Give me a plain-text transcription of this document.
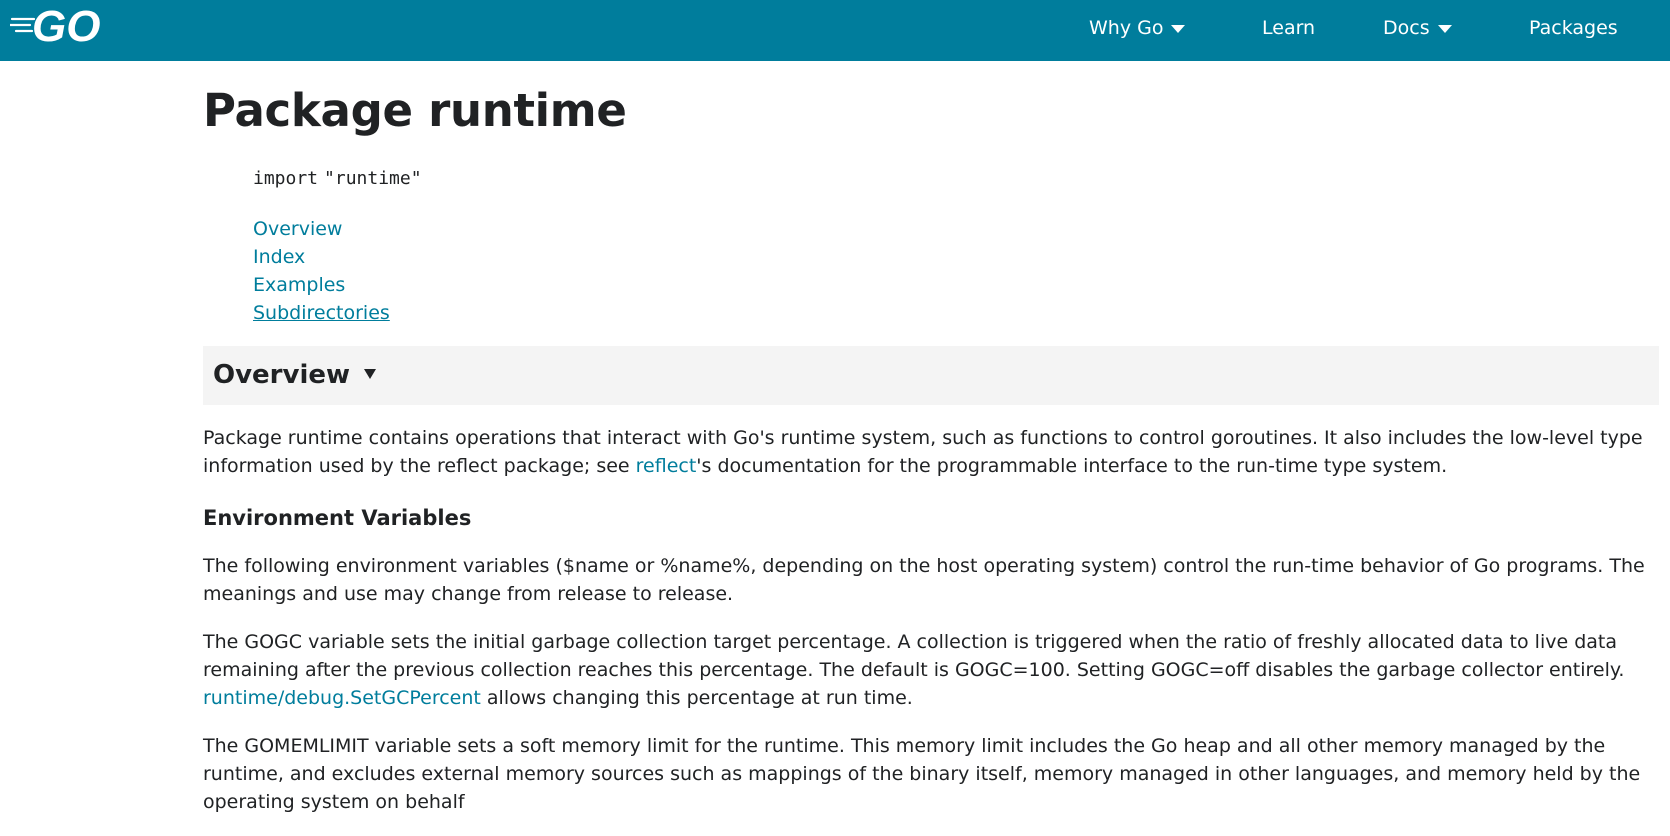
GO	Why Go	Learn	Docs	Packages
Package runtime
import "runtime"
Overview
Index
Examples
Subdirectories
Overview

Package runtime contains operations that interact with Go's runtime system, such as functions to control goroutines. It also includes the low-level type information used by the reflect package; see reflect's documentation for the programmable interface to the run-time type system.

Environment Variables

The following environment variables ($name or %name%, depending on the host operating system) control the run-time behavior of Go programs. The meanings and use may change from release to release.

The GOGC variable sets the initial garbage collection target percentage. A collection is triggered when the ratio of freshly allocated data to live data remaining after the previous collection reaches this percentage. The default is GOGC=100. Setting GOGC=off disables the garbage collector entirely. runtime/debug.SetGCPercent allows changing this percentage at run time.

The GOMEMLIMIT variable sets a soft memory limit for the runtime. This memory limit includes the Go heap and all other memory managed by the runtime, and excludes external memory sources such as mappings of the binary itself, memory managed in other languages, and memory held by the operating system on behalf
